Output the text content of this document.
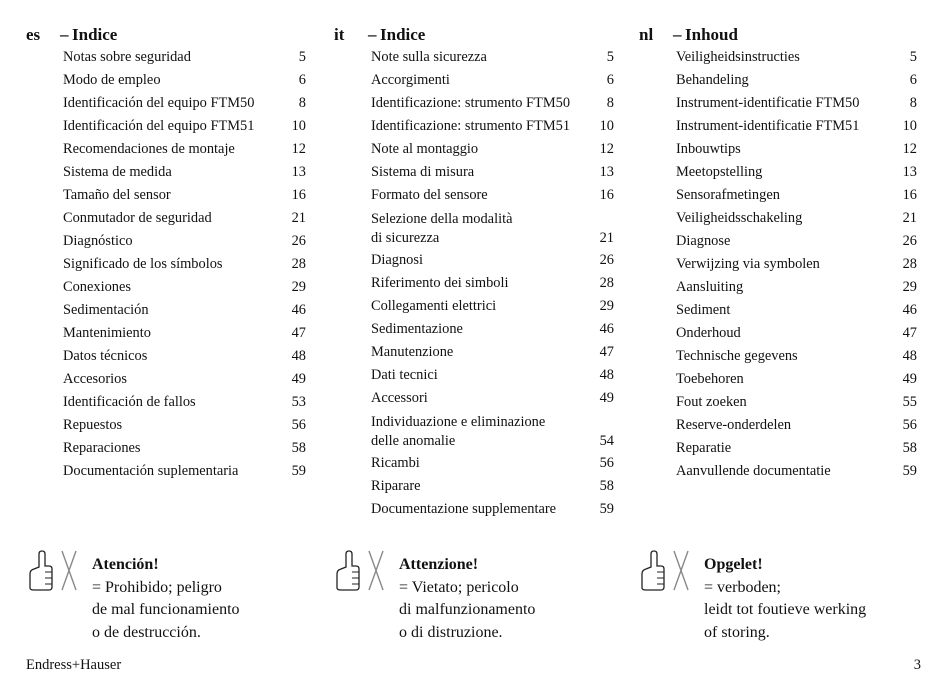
es – Indice
Notas sobre seguridad	5
Modo de empleo	6
Identificación del equipo FTM50	8
Identificación del equipo FTM51	10
Recomendaciones de montaje	12
Sistema de medida	13
Tamaño del sensor	16
Conmutador de seguridad	21
Diagnóstico	26
Significado de los símbolos	28
Conexiones	29
Sedimentación	46
Mantenimiento	47
Datos técnicos	48
Accesorios	49
Identificación de fallos	53
Repuestos	56
Reparaciones	58
Documentación suplementaria	59
it – Indice
Note sulla sicurezza	5
Accorgimenti	6
Identificazione: strumento FTM50	8
Identificazione: strumento FTM51	10
Note al montaggio	12
Sistema di misura	13
Formato del sensore	16
Selezione della modalità
di sicurezza	21
Diagnosi	26
Riferimento dei simboli	28
Collegamenti elettrici	29
Sedimentazione	46
Manutenzione	47
Dati tecnici	48
Accessori	49
Individuazione e eliminazione
delle anomalie	54
Ricambi	56
Riparare	58
Documentazione supplementare	59
nl – Inhoud
Veiligheidsinstructies	5
Behandeling	6
Instrument-identificatie FTM50	8
Instrument-identificatie FTM51	10
Inbouwtips	12
Meetopstelling	13
Sensorafmetingen	16
Veiligheidsschakeling	21
Diagnose	26
Verwijzing via symbolen	28
Aansluiting	29
Sediment	46
Onderhoud	47
Technische gegevens	48
Toebehoren	49
Fout zoeken	55
Reserve-onderdelen	56
Reparatie	58
Aanvullende documentatie	59
Atención!
= Prohibido; peligro
de mal funcionamiento
o de destrucción.
Attenzione!
= Vietato; pericolo
di malfunzionamento
o di distruzione.
Opgelet!
= verboden;
leidt tot foutieve werking
of storing.
Endress+Hauser	3
